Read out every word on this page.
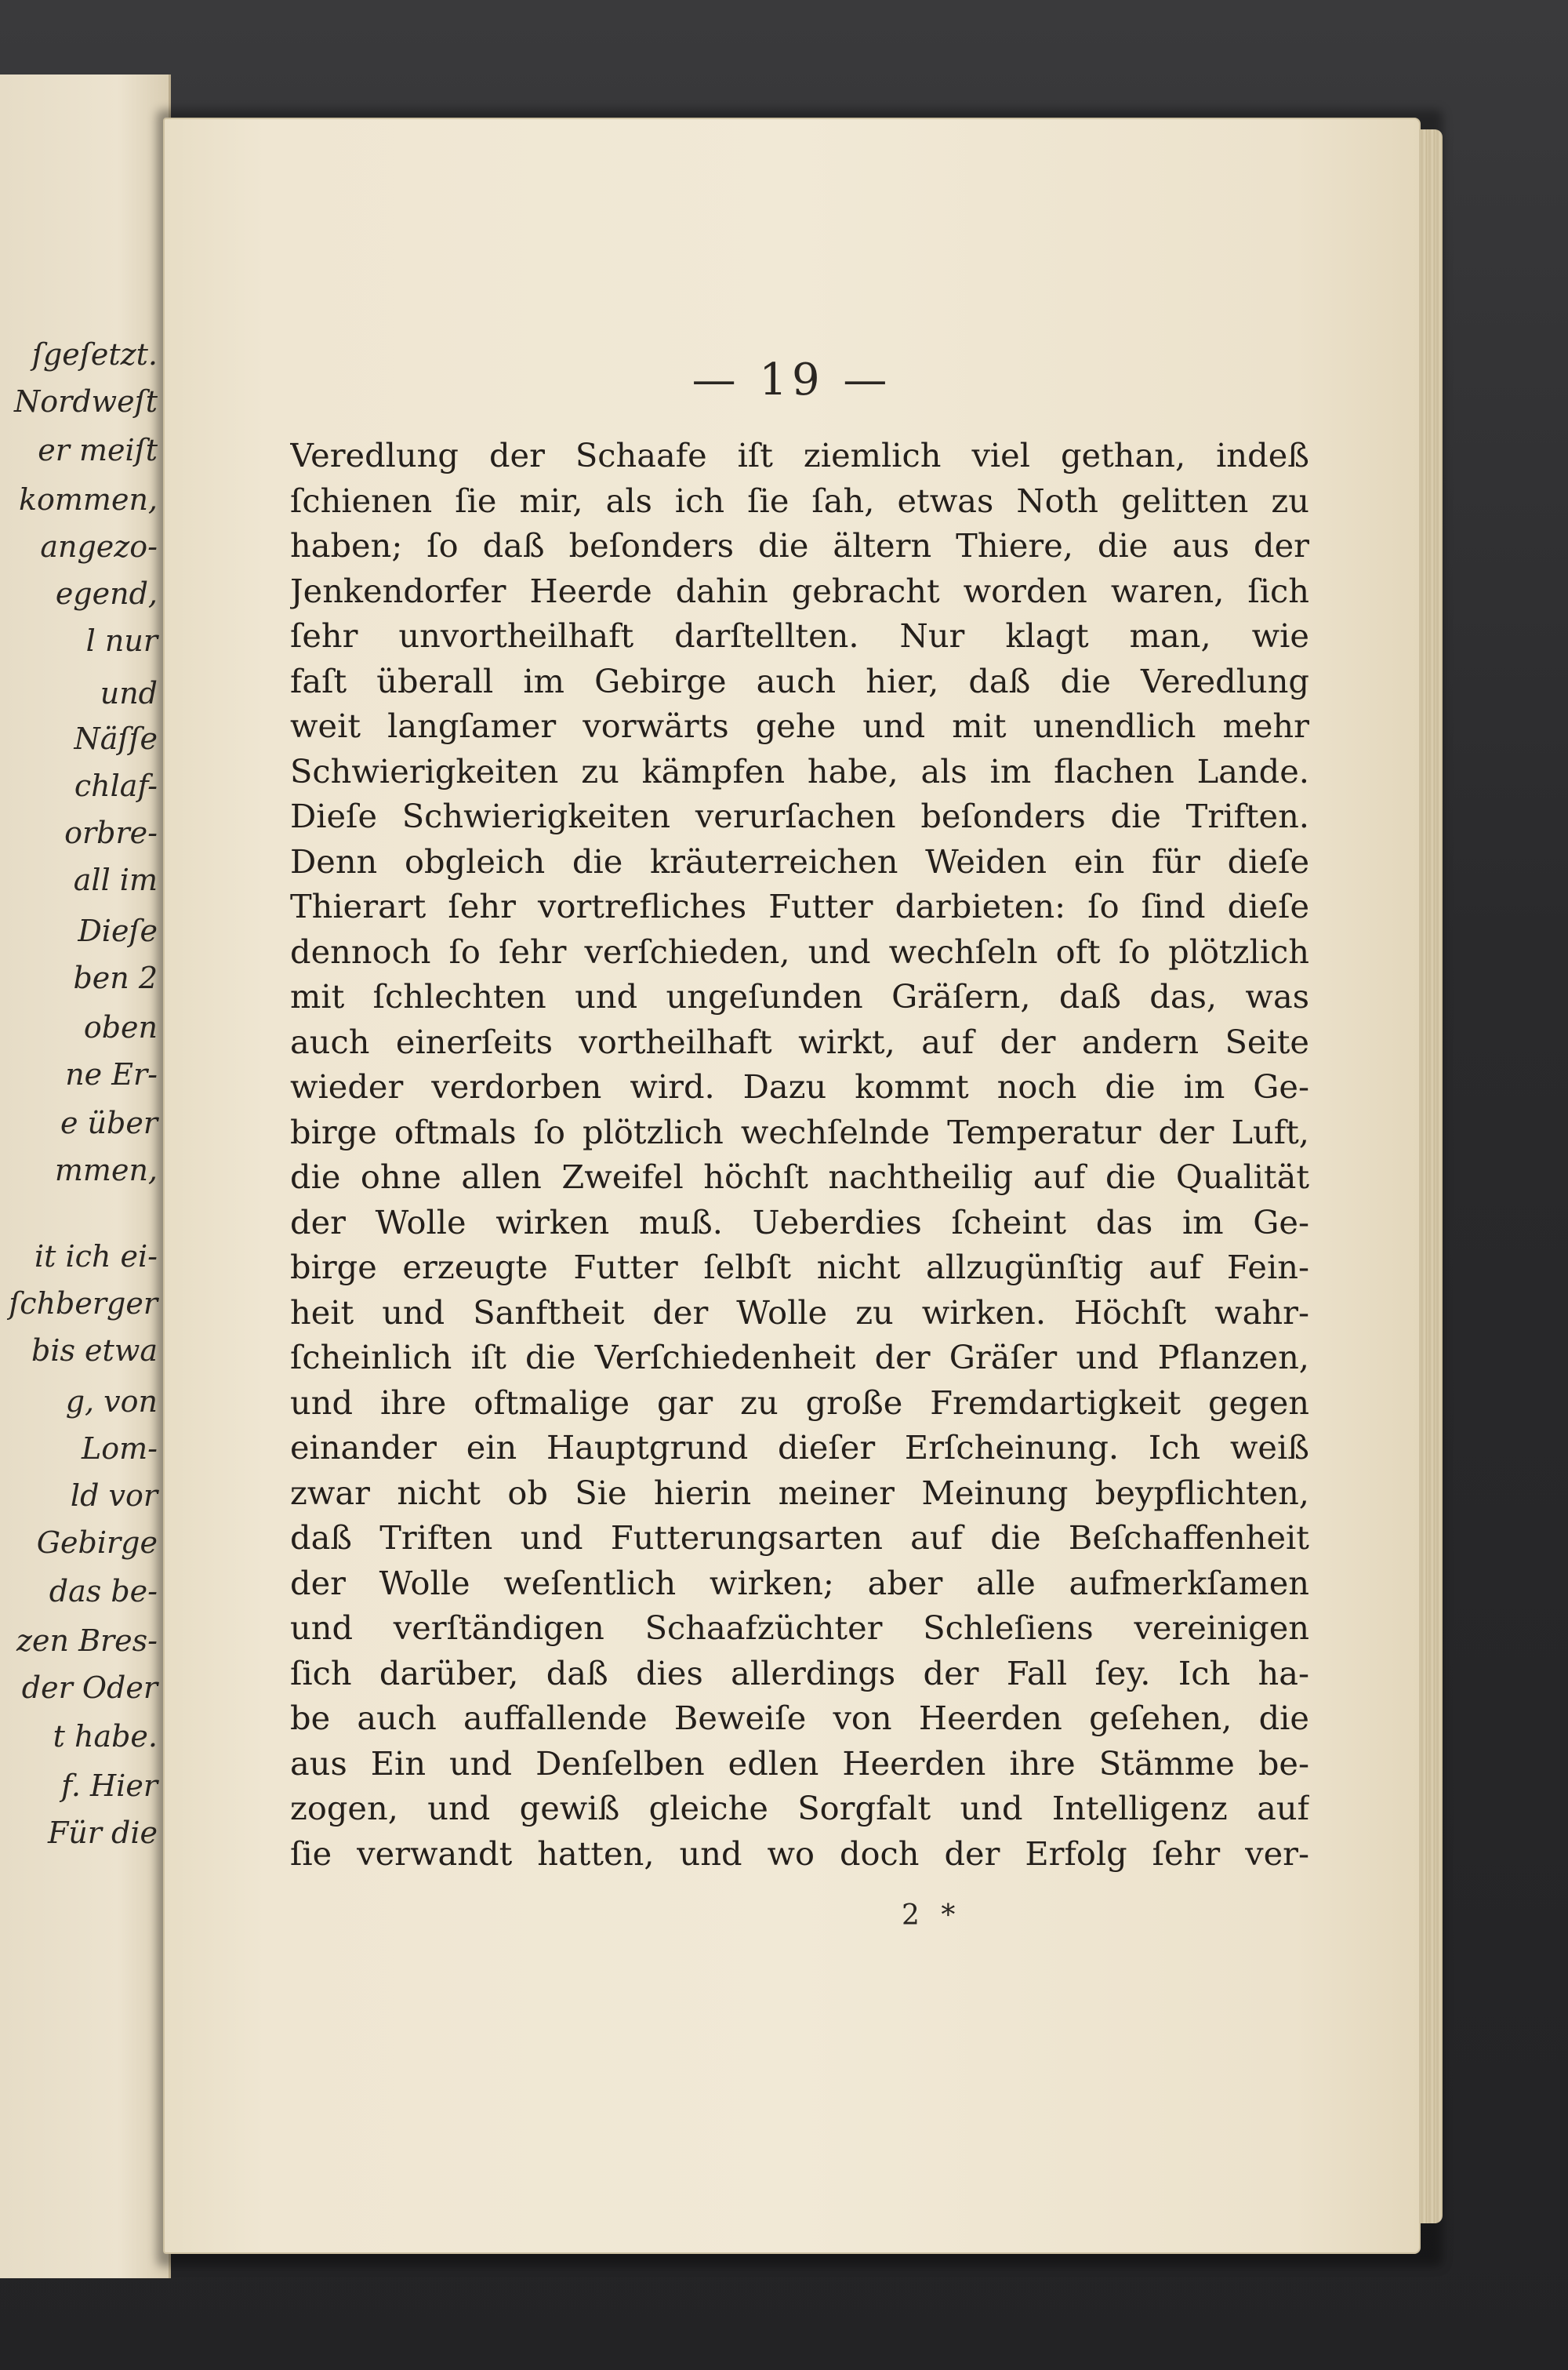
ſgeſetzt.
Nordweſt
er meiſt
kommen,
angezo-
egend,
l nur
und
Näſſe
chlaf-
orbre-
all im
Dieſe
ben 2
oben
ne Er-
e über
mmen,
it ich ei-
ſchberger
bis etwa
g, von
Lom-
ld vor
Gebirge
das be-
zen Bres-
der Oder
t habe.
f. Hier
Für die
— 19 —
Veredlung der Schaafe iſt ziemlich viel gethan, indeß
ſchienen ſie mir, als ich ſie ſah, etwas Noth gelitten zu
haben; ſo daß beſonders die ältern Thiere, die aus der
Jenkendorfer Heerde dahin gebracht worden waren, ſich
ſehr unvortheilhaft darſtellten. Nur klagt man, wie
faſt überall im Gebirge auch hier, daß die Veredlung
weit langſamer vorwärts gehe und mit unendlich mehr
Schwierigkeiten zu kämpfen habe, als im flachen Lande.
Dieſe Schwierigkeiten verurſachen beſonders die Triften.
Denn obgleich die kräuterreichen Weiden ein für dieſe
Thierart ſehr vortrefliches Futter darbieten: ſo ſind dieſe
dennoch ſo ſehr verſchieden, und wechſeln oft ſo plötzlich
mit ſchlechten und ungeſunden Gräſern, daß das, was
auch einerſeits vortheilhaft wirkt, auf der andern Seite
wieder verdorben wird. Dazu kommt noch die im Ge-
birge oftmals ſo plötzlich wechſelnde Temperatur der Luft,
die ohne allen Zweifel höchſt nachtheilig auf die Qualität
der Wolle wirken muß. Ueberdies ſcheint das im Ge-
birge erzeugte Futter ſelbſt nicht allzugünſtig auf Fein-
heit und Sanftheit der Wolle zu wirken. Höchſt wahr-
ſcheinlich iſt die Verſchiedenheit der Gräſer und Pflanzen,
und ihre oftmalige gar zu große Fremdartigkeit gegen
einander ein Hauptgrund dieſer Erſcheinung. Ich weiß
zwar nicht ob Sie hierin meiner Meinung beypflichten,
daß Triften und Futterungsarten auf die Beſchaffenheit
der Wolle weſentlich wirken; aber alle aufmerkſamen
und verſtändigen Schaafzüchter Schleſiens vereinigen
ſich darüber, daß dies allerdings der Fall ſey. Ich ha-
be auch auffallende Beweiſe von Heerden geſehen, die
aus Ein und Denſelben edlen Heerden ihre Stämme be-
zogen, und gewiß gleiche Sorgfalt und Intelligenz auf
ſie verwandt hatten, und wo doch der Erfolg ſehr ver-
2 *
